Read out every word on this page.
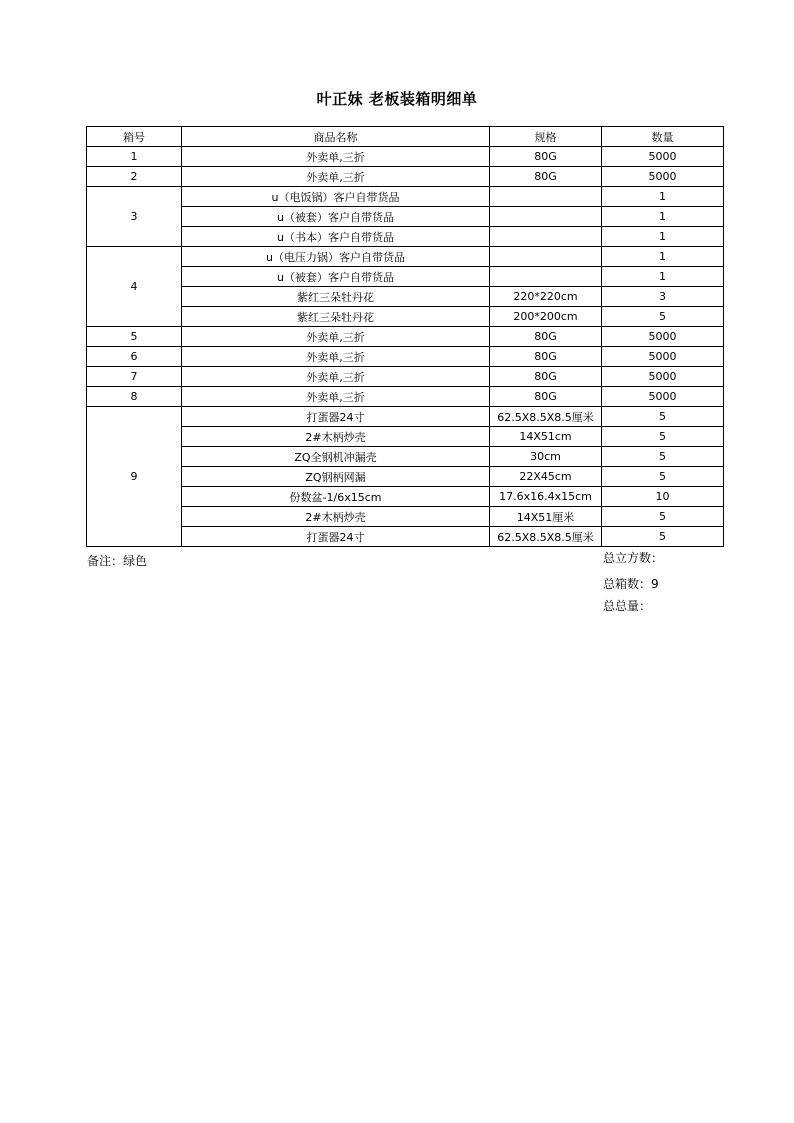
叶正妹 老板装箱明细单
箱号	商品名称	规格	数量
1	外卖单,三折	80G	5000
2	外卖单,三折	80G	5000
3	u（电饭锅）客户自带货品		1
	u（被套）客户自带货品		1
	u（书本）客户自带货品		1
4	u（电压力锅）客户自带货品		1
	u（被套）客户自带货品		1
	紫红三朵牡丹花	220*220cm	3
	紫红三朵牡丹花	200*200cm	5
5	外卖单,三折	80G	5000
6	外卖单,三折	80G	5000
7	外卖单,三折	80G	5000
8	外卖单,三折	80G	5000
9	打蛋器24寸	62.5X8.5X8.5厘米	5
	2#木柄炒壳	14X51cm	5
	ZQ全钢机冲漏壳	30cm	5
	ZQ钢柄网漏	22X45cm	5
	份数盆-1/6x15cm	17.6x16.4x15cm	10
	2#木柄炒壳	14X51厘米	5
	打蛋器24寸	62.5X8.5X8.5厘米	5
备注：绿色	总立方数：
总箱数：9
总总量：
